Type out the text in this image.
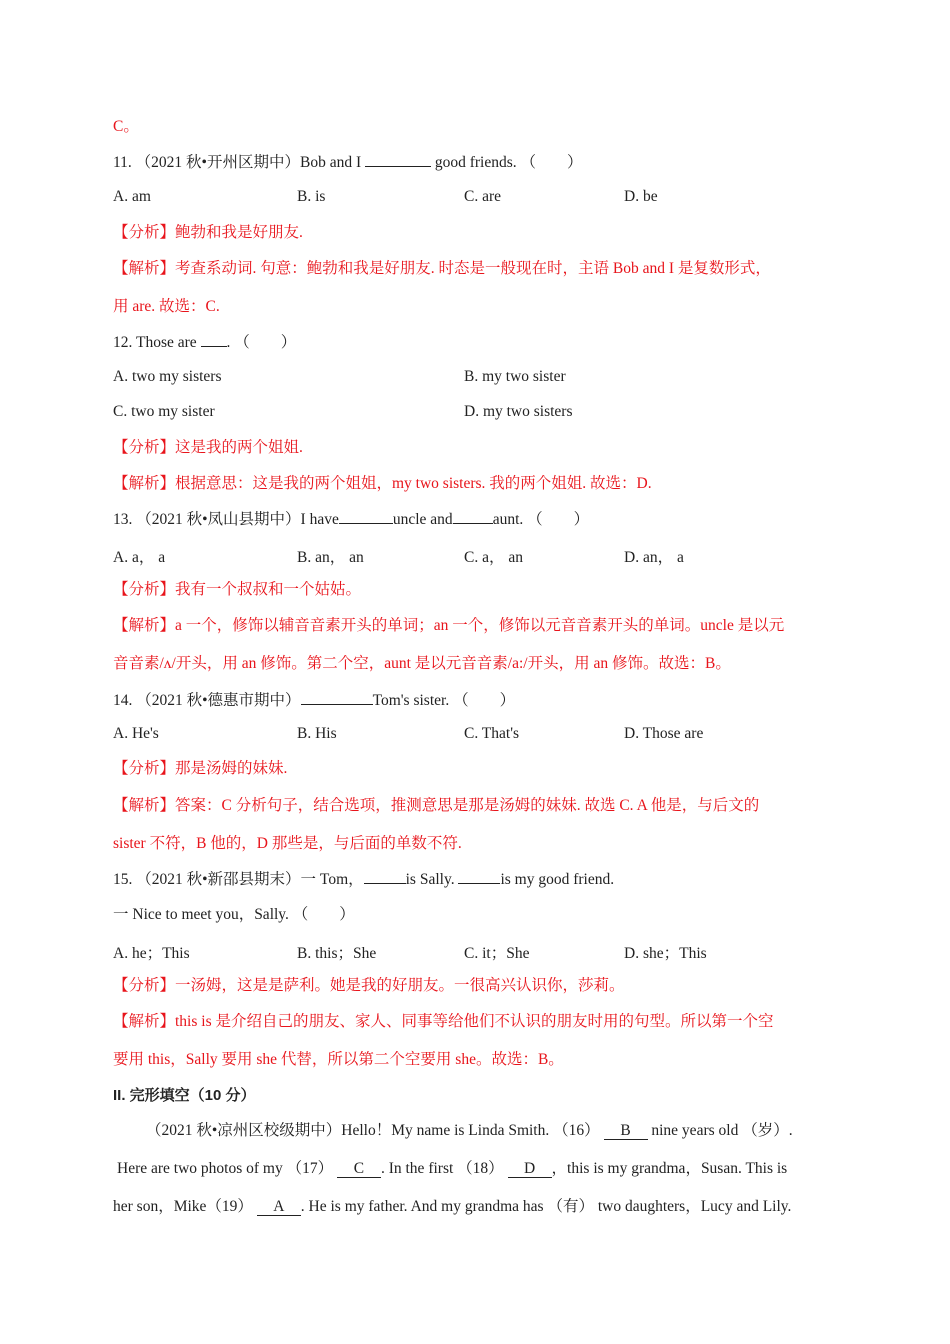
C。
11. （2021 秋•开州区期中）Bob and I	good friends. （　　）
A. am	B. is	C. are	D. be
【分析】鲍勃和我是好朋友.
【解析】考查系动词. 句意：鲍勃和我是好朋友. 时态是一般现在时，主语 Bob and I 是复数形式，
用 are. 故选：C.
12. Those are . （　　）
A. two my sisters	B. my two sister
C. two my sister	D. my two sisters
【分析】这是我的两个姐姐.
【解析】根据意思：这是我的两个姐姐，my two sisters. 我的两个姐姐. 故选：D.
13. （2021 秋•凤山县期中）I have	uncle and	aunt. （　　）
A. a， a	B. an， an	C. a， an	D. an， a
【分析】我有一个叔叔和一个姑姑。
【解析】a 一个，修饰以辅音音素开头的单词；an 一个，修饰以元音音素开头的单词。uncle 是以元
音音素/ʌ/开头，用 an 修饰。第二个空，aunt 是以元音音素/a:/开头，用 an 修饰。故选：B。
14. （2021 秋•德惠市期中）	Tom's sister. （　　）
A. He's	B. His	C. That's	D. Those are
【分析】那是汤姆的妹妹.
【解析】答案：C 分析句子，结合选项，推测意思是那是汤姆的妹妹. 故选 C. A 他是，与后文的
sister 不符，B 他的，D 那些是，与后面的单数不符.
15. （2021 秋•新邵县期末）一 Tom，	is Sally.	is my good friend.
一 Nice to meet you，Sally. （　　）
A. he；This	B. this；She	C. it；She	D. she；This
【分析】一汤姆，这是是萨利。她是我的好朋友。一很高兴认识你，莎莉。
【解析】this is 是介绍自己的朋友、家人、同事等给他们不认识的朋友时用的句型。所以第一个空
要用 this，Sally 要用 she 代替，所以第二个空要用 she。故选：B。
II. 完形填空（10 分）
（2021 秋•凉州区校级期中）Hello！My name is Linda Smith. （16） B nine years old （岁）.
Here are two photos of my （17） C . In the first （18） D ，this is my grandma，Susan. This is
her son，Mike（19） A . He is my father. And my grandma has （有） two daughters，Lucy and Lily.
